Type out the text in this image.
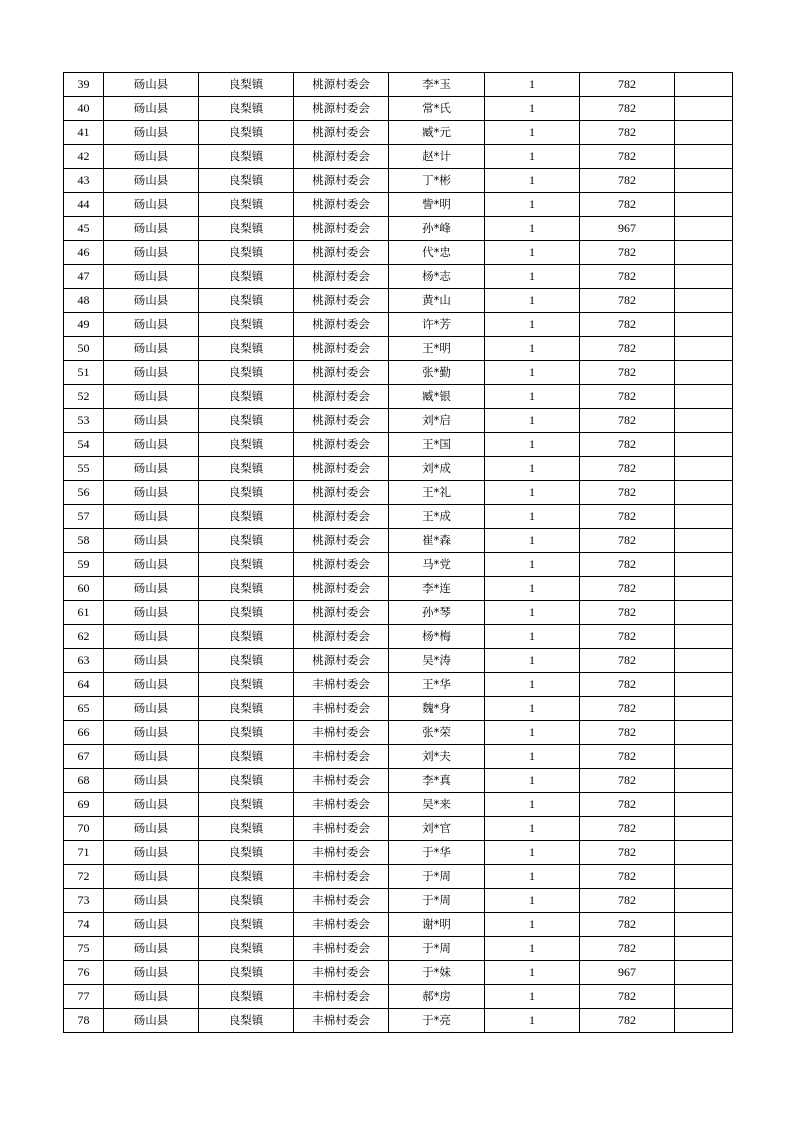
39	砀山县	良梨镇	桃源村委会	李*玉	1	782	
40	砀山县	良梨镇	桃源村委会	常*氏	1	782	
41	砀山县	良梨镇	桃源村委会	臧*元	1	782	
42	砀山县	良梨镇	桃源村委会	赵*计	1	782	
43	砀山县	良梨镇	桃源村委会	丁*彬	1	782	
44	砀山县	良梨镇	桃源村委会	訾*明	1	782	
45	砀山县	良梨镇	桃源村委会	孙*峰	1	967	
46	砀山县	良梨镇	桃源村委会	代*忠	1	782	
47	砀山县	良梨镇	桃源村委会	杨*志	1	782	
48	砀山县	良梨镇	桃源村委会	黄*山	1	782	
49	砀山县	良梨镇	桃源村委会	许*芳	1	782	
50	砀山县	良梨镇	桃源村委会	王*明	1	782	
51	砀山县	良梨镇	桃源村委会	张*勤	1	782	
52	砀山县	良梨镇	桃源村委会	臧*银	1	782	
53	砀山县	良梨镇	桃源村委会	刘*启	1	782	
54	砀山县	良梨镇	桃源村委会	王*国	1	782	
55	砀山县	良梨镇	桃源村委会	刘*成	1	782	
56	砀山县	良梨镇	桃源村委会	王*礼	1	782	
57	砀山县	良梨镇	桃源村委会	王*成	1	782	
58	砀山县	良梨镇	桃源村委会	崔*森	1	782	
59	砀山县	良梨镇	桃源村委会	马*党	1	782	
60	砀山县	良梨镇	桃源村委会	李*连	1	782	
61	砀山县	良梨镇	桃源村委会	孙*琴	1	782	
62	砀山县	良梨镇	桃源村委会	杨*梅	1	782	
63	砀山县	良梨镇	桃源村委会	吴*涛	1	782	
64	砀山县	良梨镇	丰棉村委会	王*华	1	782	
65	砀山县	良梨镇	丰棉村委会	魏*身	1	782	
66	砀山县	良梨镇	丰棉村委会	张*荣	1	782	
67	砀山县	良梨镇	丰棉村委会	刘*夫	1	782	
68	砀山县	良梨镇	丰棉村委会	李*真	1	782	
69	砀山县	良梨镇	丰棉村委会	吴*来	1	782	
70	砀山县	良梨镇	丰棉村委会	刘*官	1	782	
71	砀山县	良梨镇	丰棉村委会	于*华	1	782	
72	砀山县	良梨镇	丰棉村委会	于*周	1	782	
73	砀山县	良梨镇	丰棉村委会	于*周	1	782	
74	砀山县	良梨镇	丰棉村委会	谢*明	1	782	
75	砀山县	良梨镇	丰棉村委会	于*周	1	782	
76	砀山县	良梨镇	丰棉村委会	于*妹	1	967	
77	砀山县	良梨镇	丰棉村委会	郝*房	1	782	
78	砀山县	良梨镇	丰棉村委会	于*亮	1	782	
